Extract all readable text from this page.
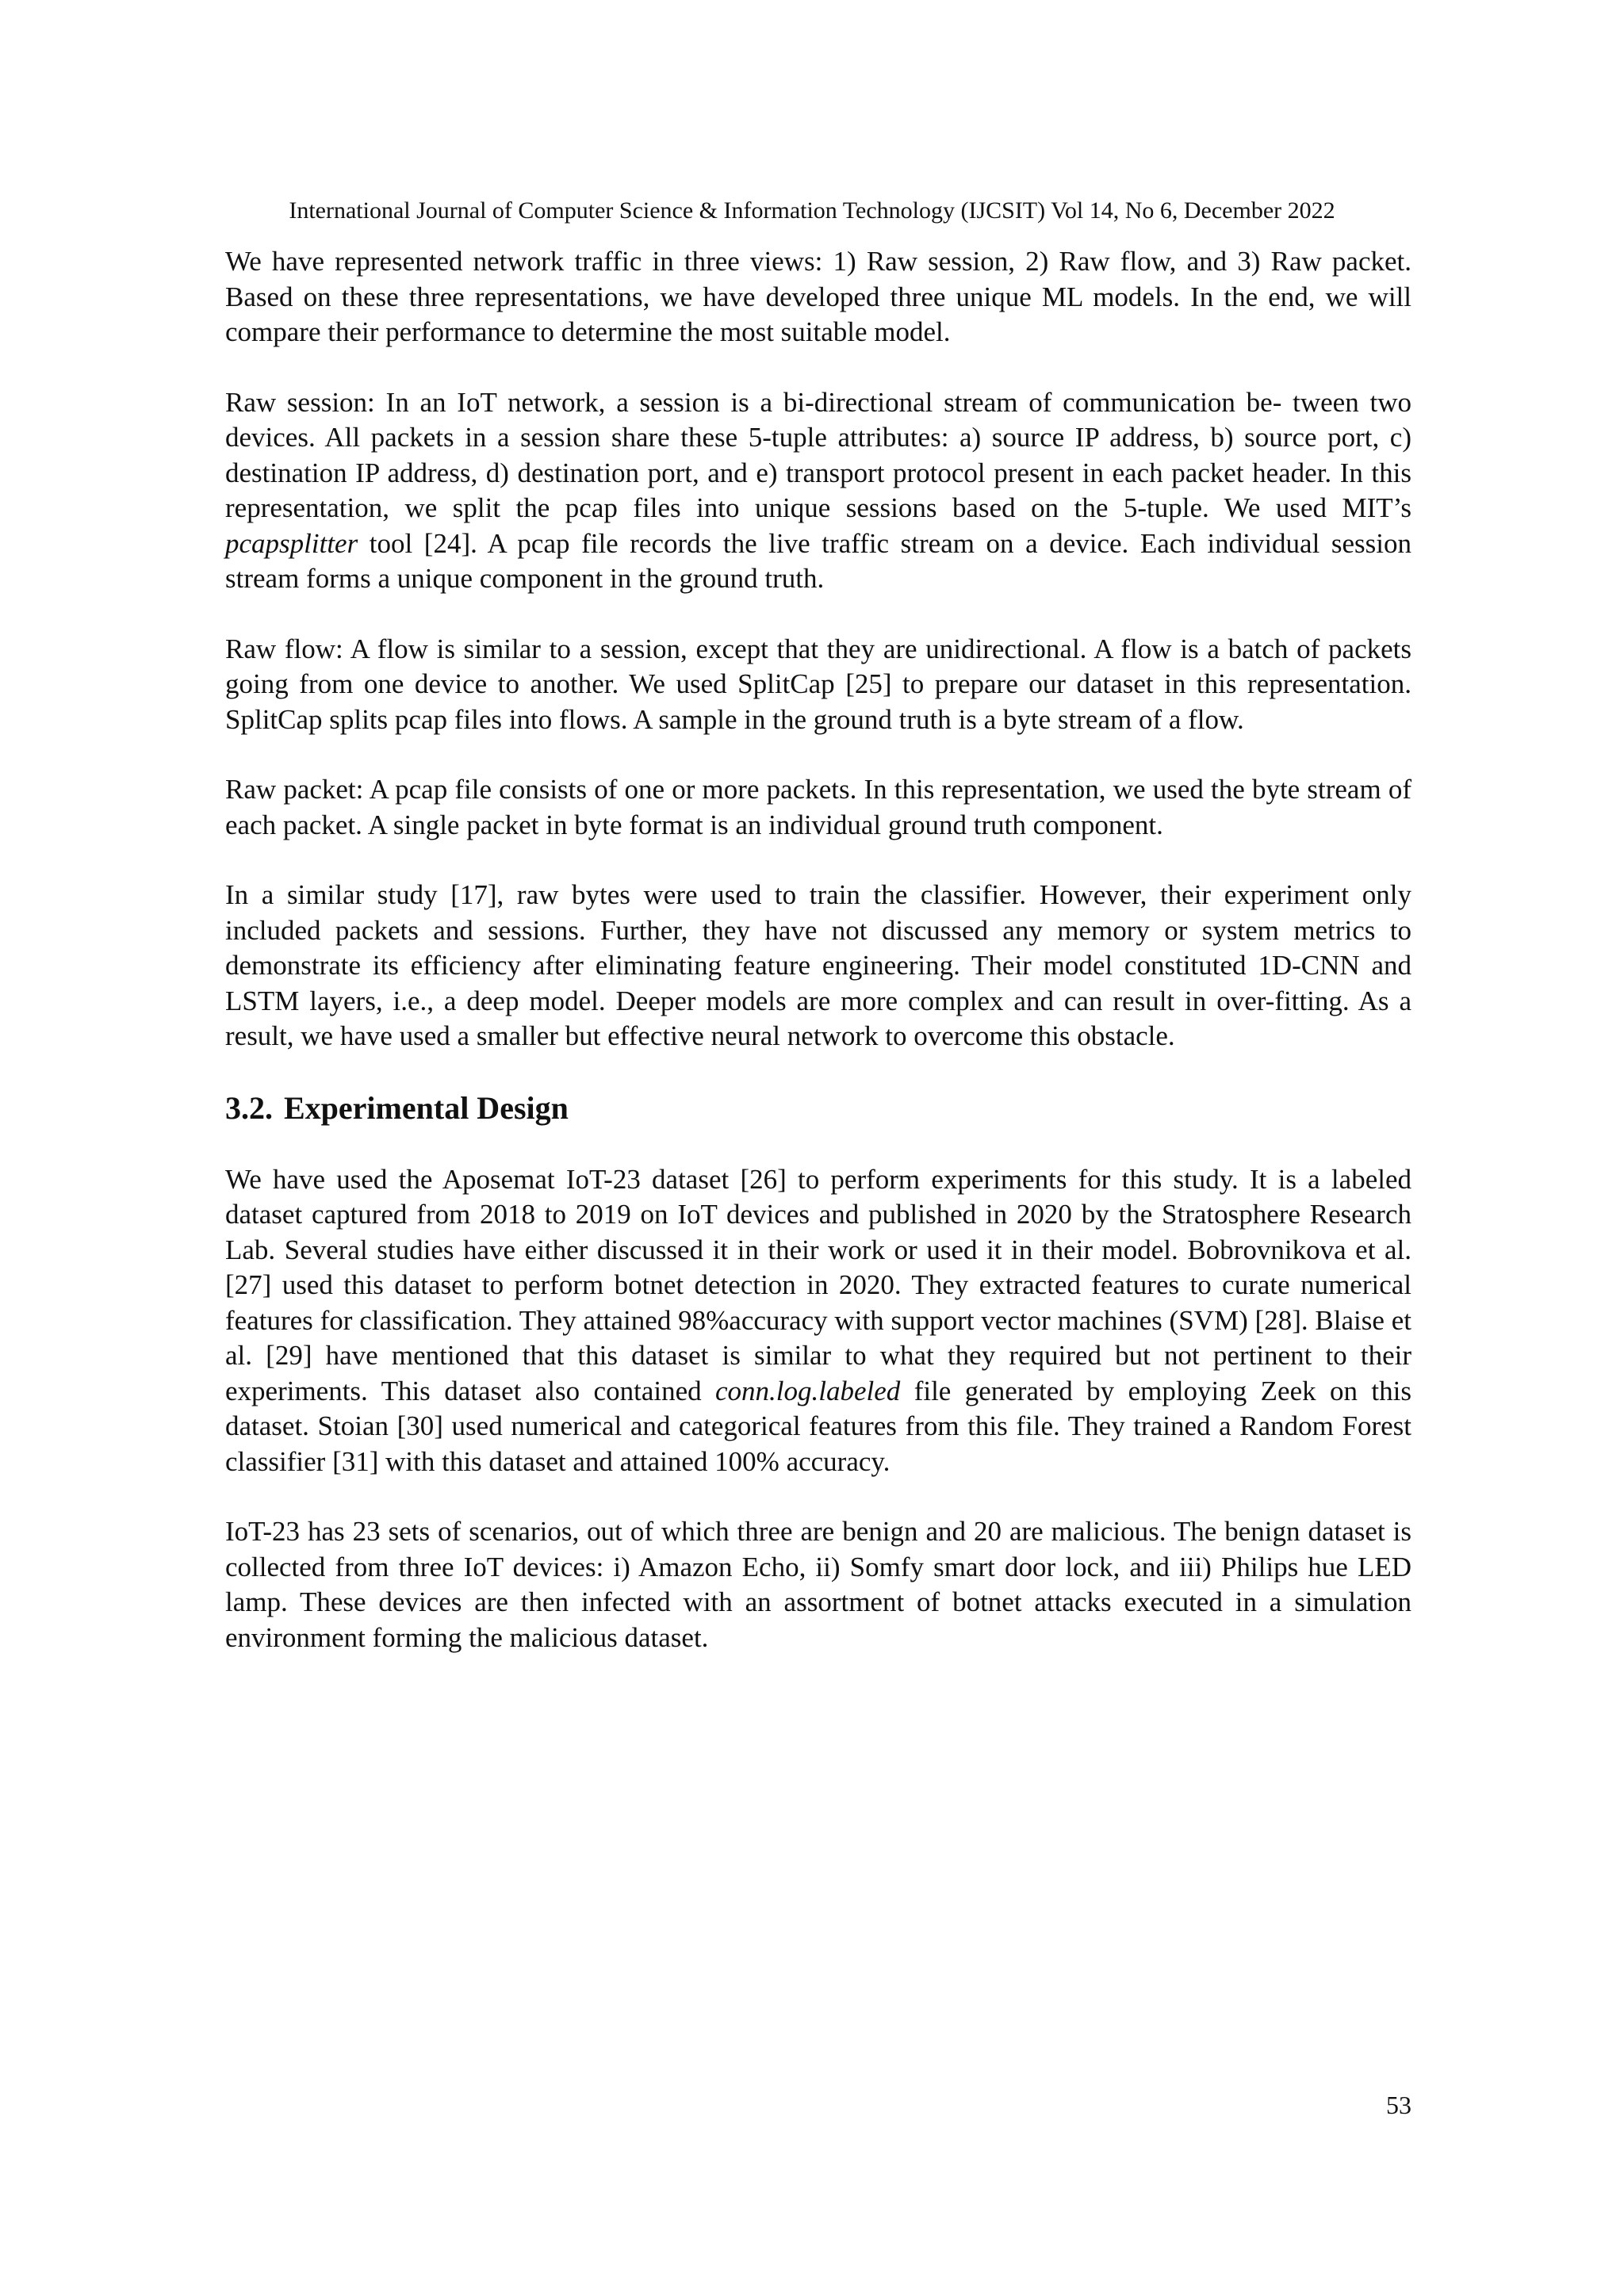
International Journal of Computer Science & Information Technology (IJCSIT) Vol 14, No 6, December 2022

We have represented network traffic in three views: 1) Raw session, 2) Raw flow, and 3) Raw packet. Based on these three representations, we have developed three unique ML models. In the end, we will compare their performance to determine the most suitable model.

Raw session: In an IoT network, a session is a bi-directional stream of communication be- tween two devices. All packets in a session share these 5-tuple attributes: a) source IP address, b) source port, c) destination IP address, d) destination port, and e) transport protocol present in each packet header. In this representation, we split the pcap files into unique sessions based on the 5-tuple. We used MIT’s pcapsplitter tool [24]. A pcap file records the live traffic stream on a device. Each individual session stream forms a unique component in the ground truth.

Raw flow: A flow is similar to a session, except that they are unidirectional. A flow is a batch of packets going from one device to another. We used SplitCap [25] to prepare our dataset in this representation. SplitCap splits pcap files into flows. A sample in the ground truth is a byte stream of a flow.

Raw packet: A pcap file consists of one or more packets. In this representation, we used the byte stream of each packet. A single packet in byte format is an individual ground truth component.

In a similar study [17], raw bytes were used to train the classifier. However, their experiment only included packets and sessions. Further, they have not discussed any memory or system metrics to demonstrate its efficiency after eliminating feature engineering. Their model constituted 1D-CNN and LSTM layers, i.e., a deep model. Deeper models are more complex and can result in over-fitting. As a result, we have used a smaller but effective neural network to overcome this obstacle.

3.2. Experimental Design

We have used the Aposemat IoT-23 dataset [26] to perform experiments for this study. It is a labeled dataset captured from 2018 to 2019 on IoT devices and published in 2020 by the Stratosphere Research Lab. Several studies have either discussed it in their work or used it in their model. Bobrovnikova et al. [27] used this dataset to perform botnet detection in 2020. They extracted features to curate numerical features for classification. They attained 98%accuracy with support vector machines (SVM) [28]. Blaise et al. [29] have mentioned that this dataset is similar to what they required but not pertinent to their experiments. This dataset also contained conn.log.labeled file generated by employing Zeek on this dataset. Stoian [30] used numerical and categorical features from this file. They trained a Random Forest classifier [31] with this dataset and attained 100% accuracy.

IoT-23 has 23 sets of scenarios, out of which three are benign and 20 are malicious. The benign dataset is collected from three IoT devices: i) Amazon Echo, ii) Somfy smart door lock, and iii) Philips hue LED lamp. These devices are then infected with an assortment of botnet attacks executed in a simulation environment forming the malicious dataset.

53
